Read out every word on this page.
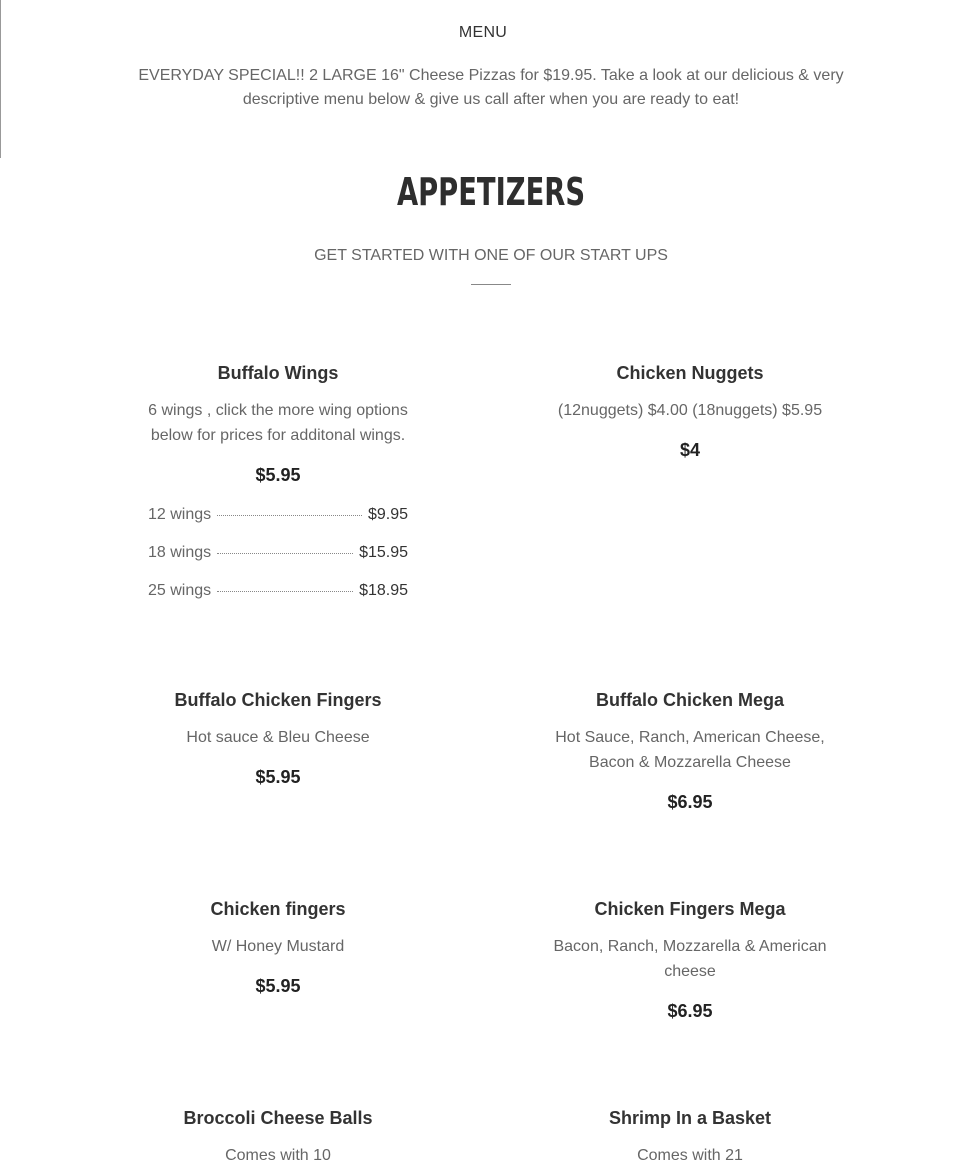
MENU
EVERYDAY SPECIAL!! 2 LARGE 16" Cheese Pizzas for $19.95. Take a look at our delicious & very descriptive menu below & give us call after when you are ready to eat!
APPETIZERS
GET STARTED WITH ONE OF OUR START UPS
Buffalo Wings
6 wings , click the more wing options below for prices for additonal wings.
$5.95
12 wings	$9.95
18 wings	$15.95
25 wings	$18.95
Chicken Nuggets
(12nuggets) $4.00 (18nuggets) $5.95
$4
Buffalo Chicken Fingers
Hot sauce & Bleu Cheese
$5.95
Buffalo Chicken Mega
Hot Sauce, Ranch, American Cheese, Bacon & Mozzarella Cheese
$6.95
Chicken fingers
W/ Honey Mustard
$5.95
Chicken Fingers Mega
Bacon, Ranch, Mozzarella & American cheese
$6.95
Broccoli Cheese Balls
Comes with 10
Shrimp In a Basket
Comes with 21
